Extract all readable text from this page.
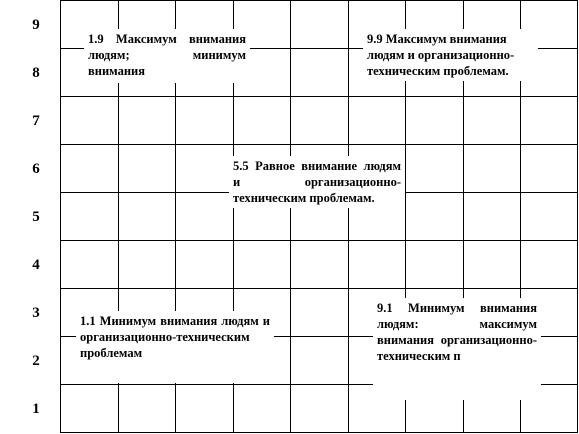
9
8
7
6
5
4
3
2
1
1.9 Максимум внимания людям; минимум внимания
9.9 Максимум внимания людям и организационно-техническим проблемам.
5.5 Равное внимание людям и организационно-техническим проблемам.
1.1 Минимум внимания людям и организационно-техническим проблемам
9.1 Минимум внимания людям: максимум внимания организационно-техническим п
